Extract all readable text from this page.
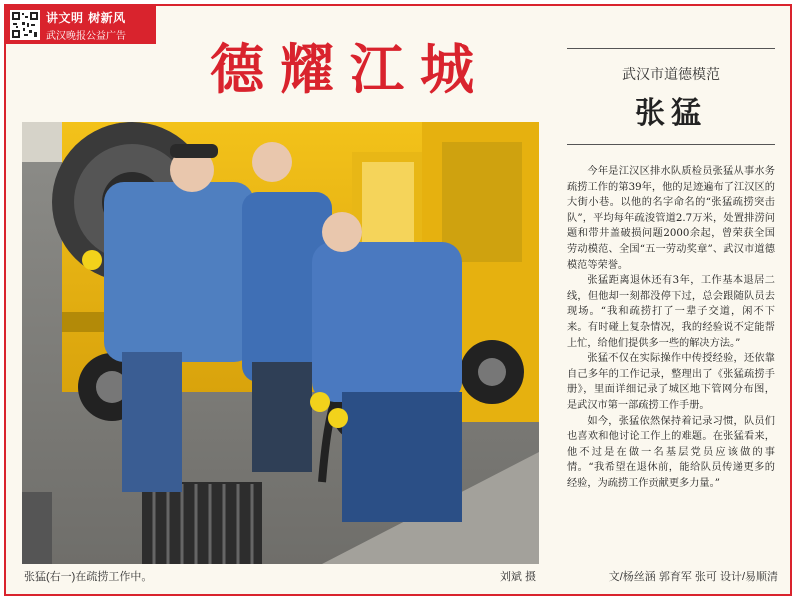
讲文明 树新风
武汉晚报公益广告
德耀江城
张猛(右一)在疏捞工作中。	刘斌 摄
武汉市道德模范
张猛

今年是江汉区排水队质检员张猛从事水务疏捞工作的第39年，他的足迹遍布了江汉区的大街小巷。以他的名字命名的“张猛疏捞突击队”，平均每年疏浚管道2.7万米，处置排涝问题和带井盖破损问题2000余起，曾荣获全国劳动模范、全国“五一劳动奖章”、武汉市道德模范等荣誉。

张猛距离退休还有3年，工作基本退居二线，但他却一刻都没停下过，总会跟随队员去现场。“我和疏捞打了一辈子交道，闲不下来。有时碰上复杂情况，我的经验说不定能帮上忙，给他们提供多一些的解决方法。”

张猛不仅在实际操作中传授经验，还依靠自己多年的工作记录，整理出了《张猛疏捞手册》，里面详细记录了城区地下管网分布图，是武汉市第一部疏捞工作手册。

如今，张猛依然保持着记录习惯，队员们也喜欢和他讨论工作上的难题。在张猛看来，他不过是在做一名基层党员应该做的事情。“我希望在退休前，能给队员传递更多的经验，为疏捞工作贡献更多力量。”

文/杨丝涵 郭育军 张可 设计/易顺清
